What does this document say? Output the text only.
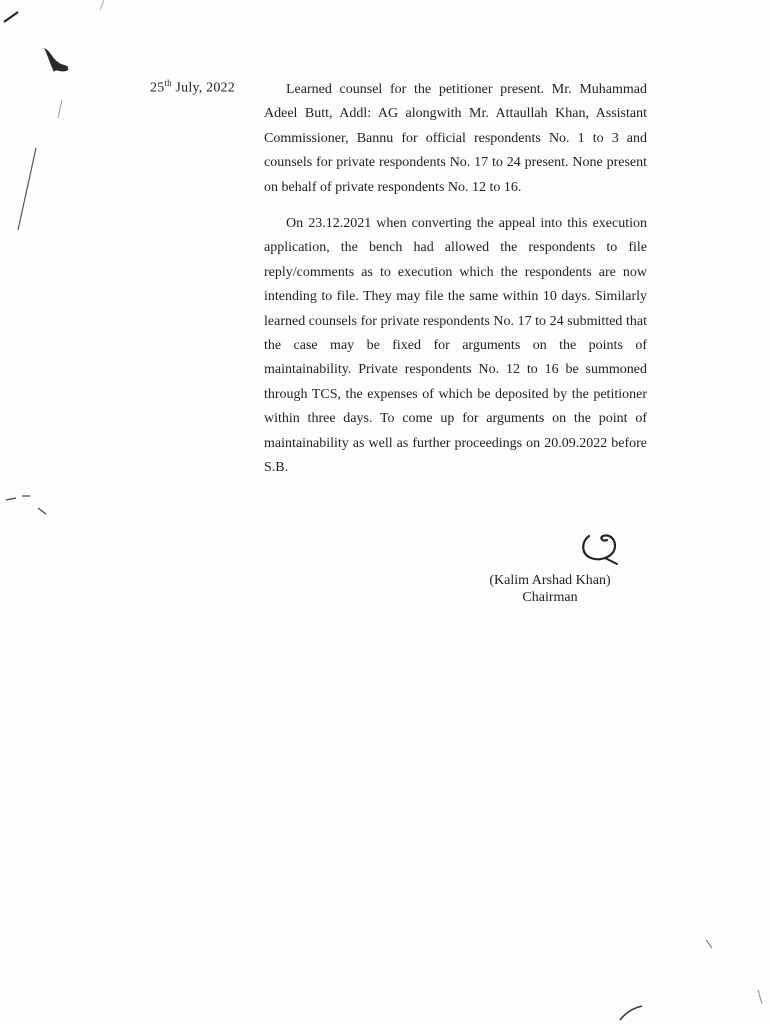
25th July, 2022	Learned counsel for the petitioner present. Mr. Muhammad Adeel Butt, Addl: AG alongwith Mr. Attaullah Khan, Assistant Commissioner, Bannu for official respondents No. 1 to 3 and counsels for private respondents No. 17 to 24 present. None present on behalf of private respondents No. 12 to 16.

On 23.12.2021 when converting the appeal into this execution application, the bench had allowed the respondents to file reply/comments as to execution which the respondents are now intending to file. They may file the same within 10 days. Similarly learned counsels for private respondents No. 17 to 24 submitted that the case may be fixed for arguments on the points of maintainability. Private respondents No. 12 to 16 be summoned through TCS, the expenses of which be deposited by the petitioner within three days. To come up for arguments on the point of maintainability as well as further proceedings on 20.09.2022 before S.B.

(Kalim Arshad Khan)
Chairman
